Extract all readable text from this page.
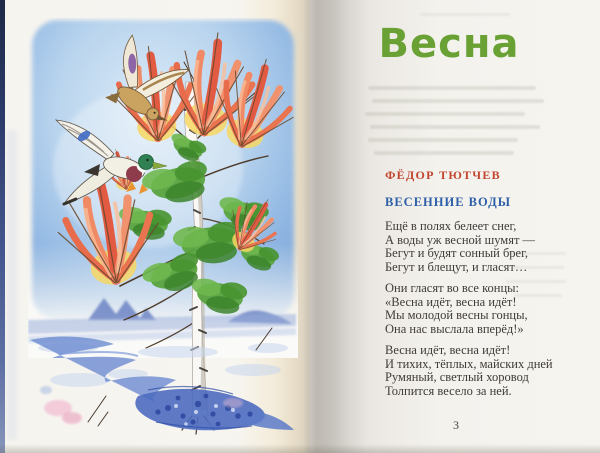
Весна
ФЁДОР ТЮТЧЕВ
ВЕСЕННИЕ ВОДЫ
Ещё в полях белеет снег,
А воды уж весной шумят —
Бегут и будят сонный брег,
Бегут и блещут, и гласят…
Они гласят во все концы:
«Весна идёт, весна идёт!
Мы молодой весны гонцы,
Она нас выслала вперёд!»
Весна идёт, весна идёт!
И тихих, тёплых, майских дней
Румяный, светлый хоровод
Толпится весело за ней.
3
